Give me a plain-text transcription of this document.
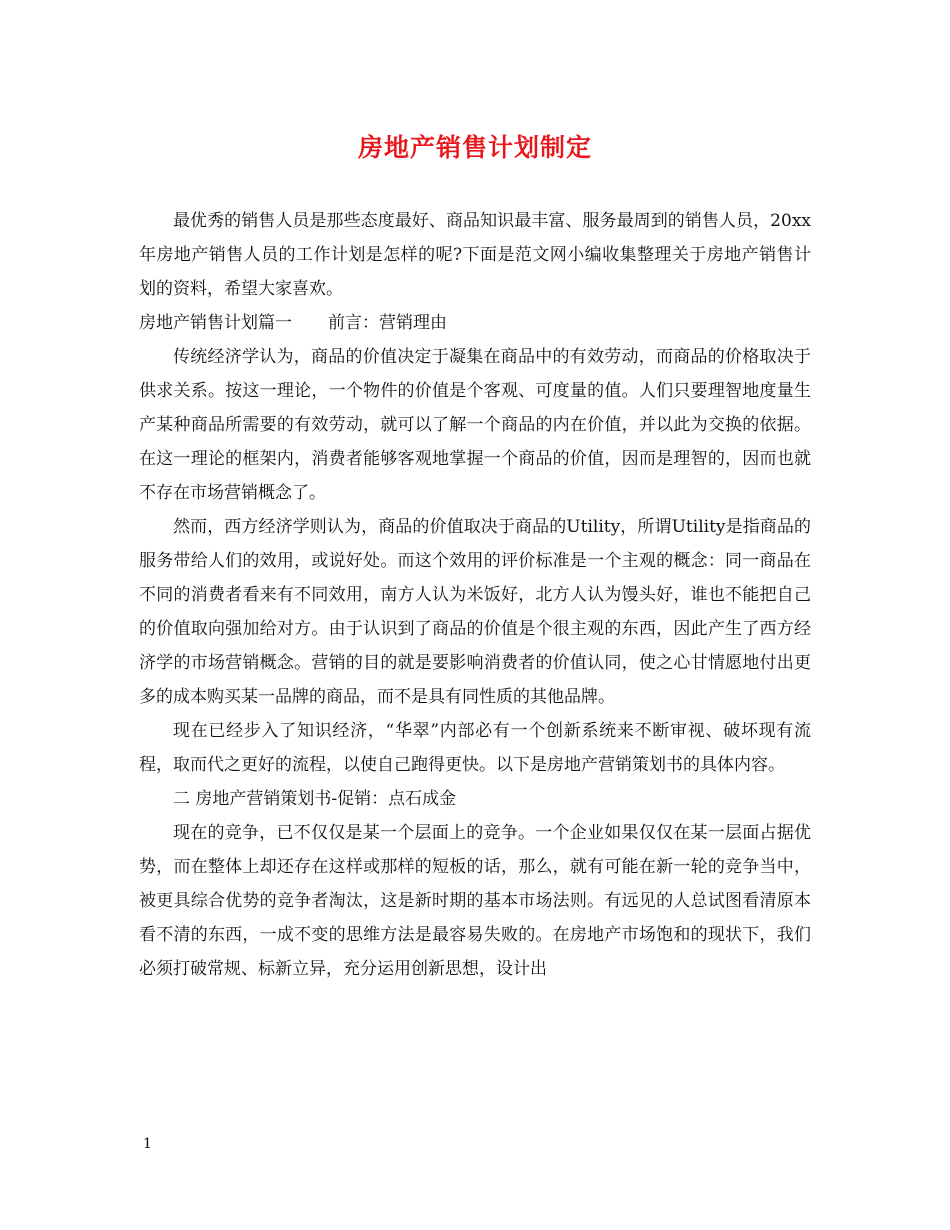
房地产销售计划制定

最优秀的销售人员是那些态度最好、商品知识最丰富、服务最周到的销售人员，20xx年房地产销售人员的工作计划是怎样的呢?下面是范文网小编收集整理关于房地产销售计划的资料，希望大家喜欢。

房地产销售计划篇一 前言：营销理由

传统经济学认为，商品的价值决定于凝集在商品中的有效劳动，而商品的价格取决于供求关系。按这一理论，一个物件的价值是个客观、可度量的值。人们只要理智地度量生产某种商品所需要的有效劳动，就可以了解一个商品的内在价值，并以此为交换的依据。在这一理论的框架内，消费者能够客观地掌握一个商品的价值，因而是理智的，因而也就不存在市场营销概念了。

然而，西方经济学则认为，商品的价值取决于商品的Utility，所谓Utility是指商品的服务带给人们的效用，或说好处。而这个效用的评价标准是一个主观的概念：同一商品在不同的消费者看来有不同效用，南方人认为米饭好，北方人认为馒头好，谁也不能把自己的价值取向强加给对方。由于认识到了商品的价值是个很主观的东西，因此产生了西方经济学的市场营销概念。营销的目的就是要影响消费者的价值认同，使之心甘情愿地付出更多的成本购买某一品牌的商品，而不是具有同性质的其他品牌。

现在已经步入了知识经济，“华翠”内部必有一个创新系统来不断审视、破坏现有流程，取而代之更好的流程，以使自己跑得更快。以下是房地产营销策划书的具体内容。

二 房地产营销策划书-促销：点石成金

现在的竞争，已不仅仅是某一个层面上的竞争。一个企业如果仅仅在某一层面占据优势，而在整体上却还存在这样或那样的短板的话，那么，就有可能在新一轮的竞争当中，被更具综合优势的竞争者淘汰，这是新时期的基本市场法则。有远见的人总试图看清原本看不清的东西，一成不变的思维方法是最容易失败的。在房地产市场饱和的现状下，我们必须打破常规、标新立异，充分运用创新思想，设计出

1
